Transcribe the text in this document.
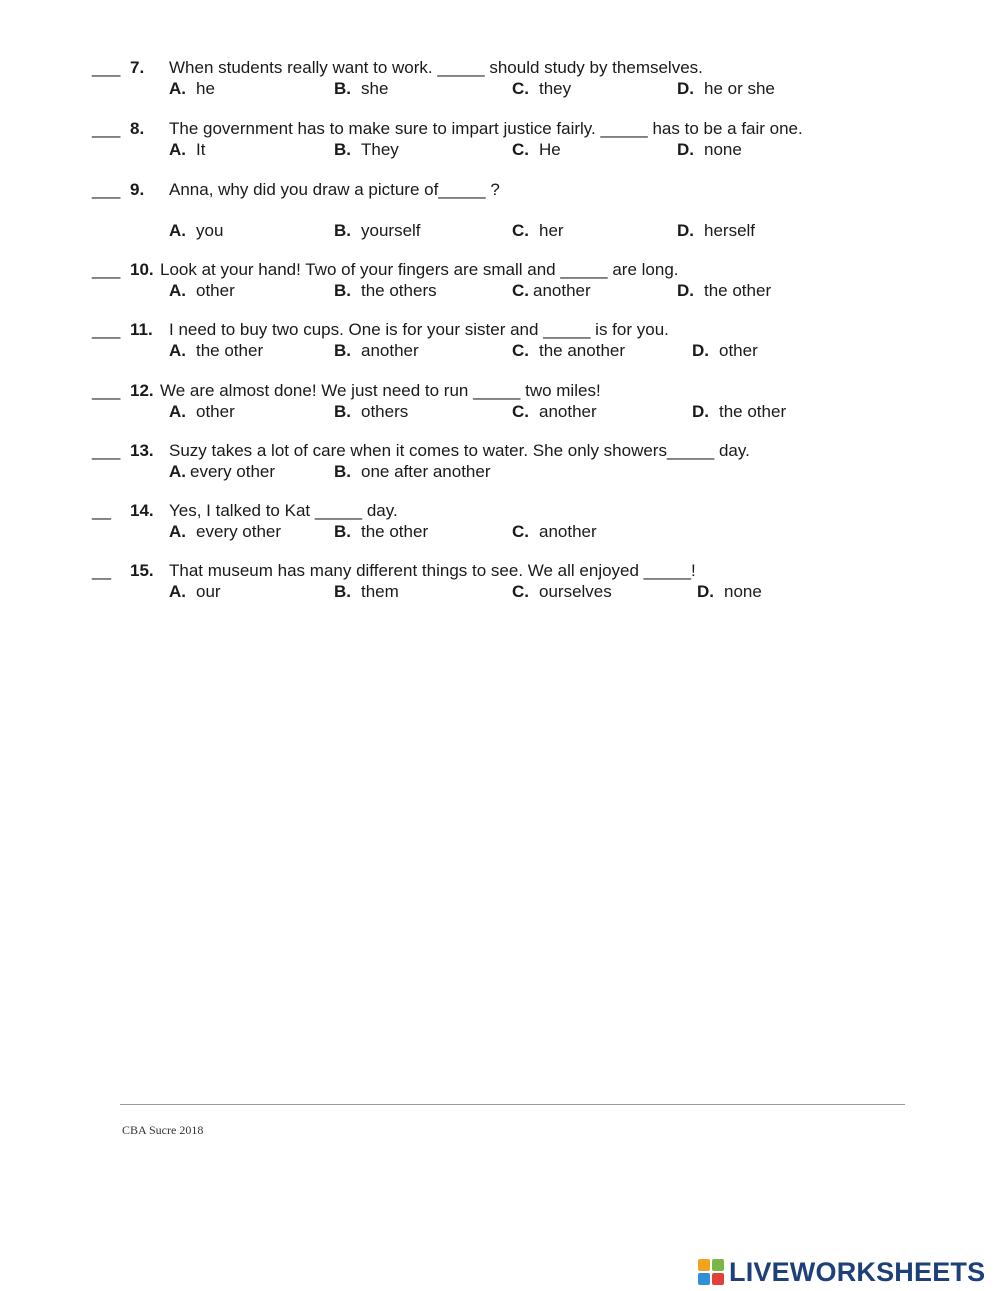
___ 7. When students really want to work. _____ should study by themselves.
A. he	B. she	C. they	D. he or she
___ 8. The government has to make sure to impart justice fairly. _____ has to be a fair one.
A. It	B. They	C. He	D. none
___ 9. Anna, why did you draw a picture of_____ ?
A. you	B. yourself	C. her	D. herself
___ 10. Look at your hand! Two of your fingers are small and _____ are long.
A. other	B. the others	C. another	D. the other
___ 11. I need to buy two cups. One is for your sister and _____ is for you.
A. the other	B. another	C. the another	D. other
___ 12. We are almost done! We just need to run _____ two miles!
A. other	B. others	C. another	D. the other
___ 13. Suzy takes a lot of care when it comes to water. She only showers_____ day.
A. every other	B. one after another
__ 14. Yes, I talked to Kat _____ day.
A. every other	B. the other	C. another
__ 15. That museum has many different things to see. We all enjoyed _____!
A. our	B. them	C. ourselves	D. none
CBA Sucre 2018
LIVEWORKSHEETS
